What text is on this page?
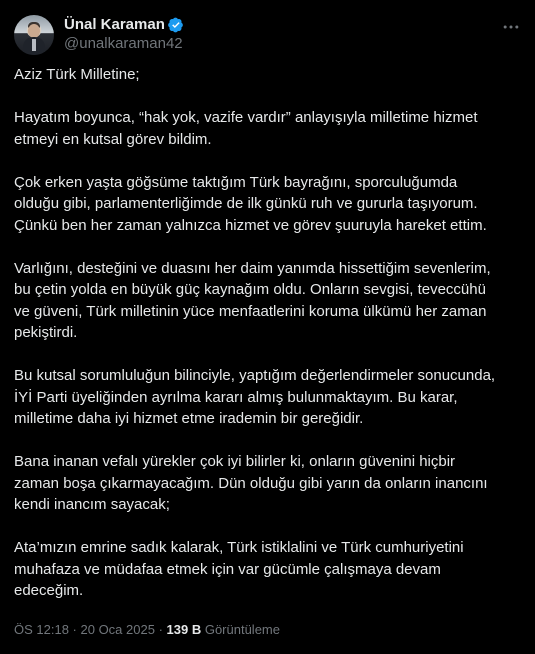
Ünal Karaman
@unalkaraman42

Aziz Türk Milletine;

Hayatım boyunca, “hak yok, vazife vardır” anlayışıyla milletime hizmet
etmeyi en kutsal görev bildim.

Çok erken yaşta göğsüme taktığım Türk bayrağını, sporculuğumda
olduğu gibi, parlamenterliğimde de ilk günkü ruh ve gururla taşıyorum.
Çünkü ben her zaman yalnızca hizmet ve görev şuuruyla hareket ettim.

Varlığını, desteğini ve duasını her daim yanımda hissettiğim sevenlerim,
bu çetin yolda en büyük güç kaynağım oldu. Onların sevgisi, teveccühü
ve güveni, Türk milletinin yüce menfaatlerini koruma ülkümü her zaman
pekiştirdi.

Bu kutsal sorumluluğun bilinciyle, yaptığım değerlendirmeler sonucunda,
İYİ Parti üyeliğinden ayrılma kararı almış bulunmaktayım. Bu karar,
milletime daha iyi hizmet etme irademin bir gereğidir.

Bana inanan vefalı yürekler çok iyi bilirler ki, onların güvenini hiçbir
zaman boşa çıkarmayacağım. Dün olduğu gibi yarın da onların inancını
kendi inancım sayacak;

Ata’mızın emrine sadık kalarak, Türk istiklalini ve Türk cumhuriyetini
muhafaza ve müdafaa etmek için var gücümle çalışmaya devam
edeceğim.

ÖS 12:18 · 20 Oca 2025 · 139 B Görüntüleme
